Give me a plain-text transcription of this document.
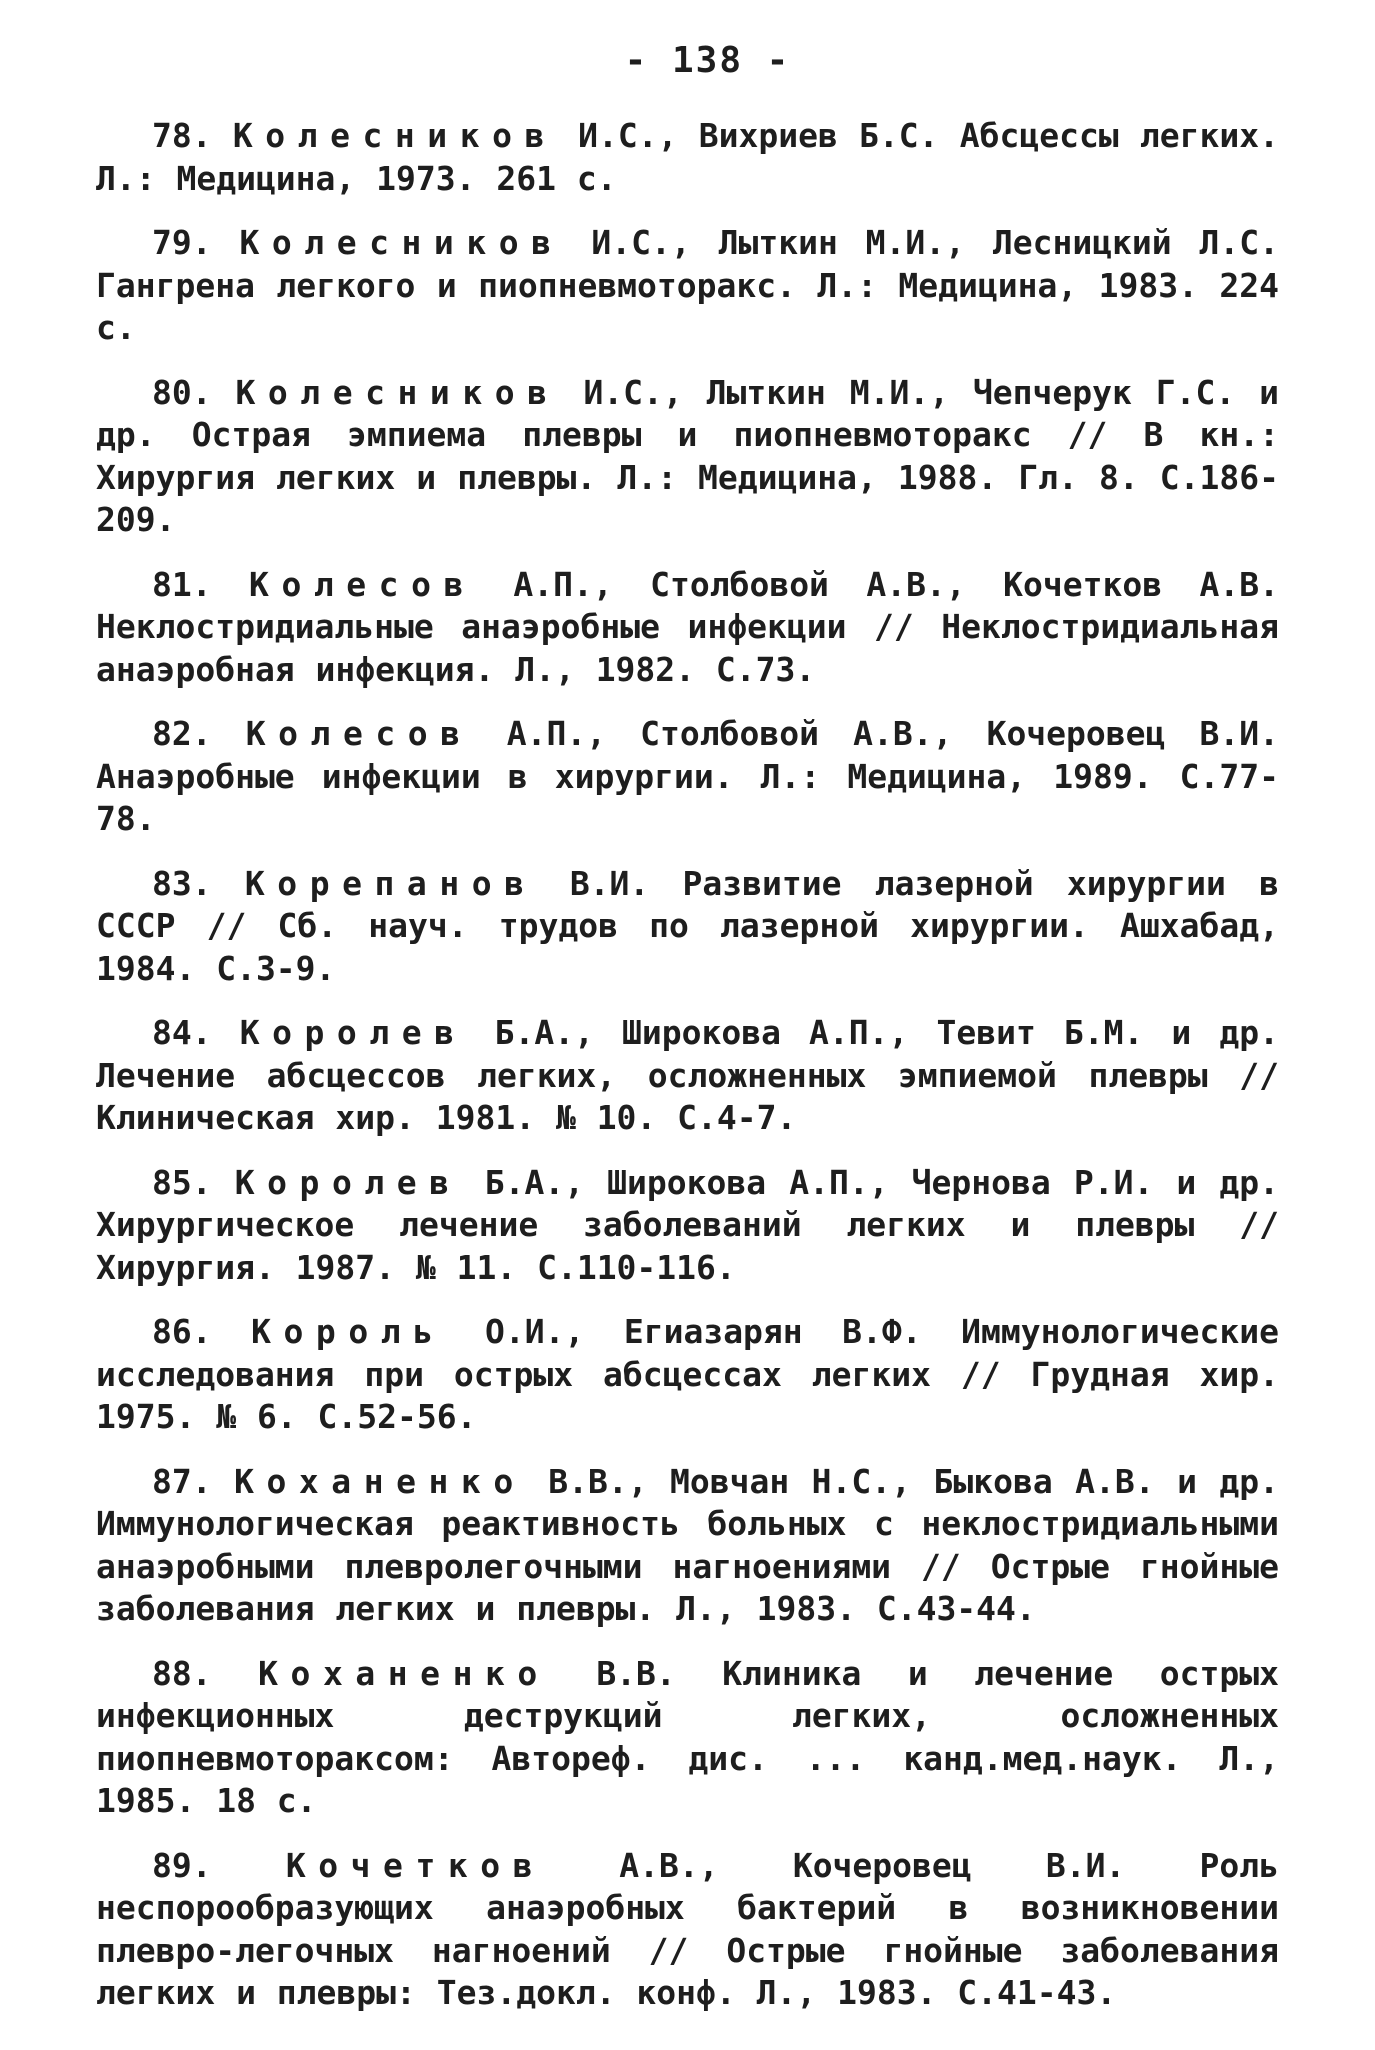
- 138 -
78. Колесников И.С., Вихриев Б.С. Абсцессы легких. Л.: Медицина, 1973. 261 с.
79. Колесников И.С., Лыткин М.И., Лесницкий Л.С. Гангрена легкого и пиопневмоторакс. Л.: Медицина, 1983. 224 с.
80. Колесников И.С., Лыткин М.И., Чепчерук Г.С. и др. Острая эмпиема плевры и пиопневмоторакс // В кн.: Хирургия легких и плевры. Л.: Медицина, 1988. Гл. 8. С.186-209.
81. Колесов А.П., Столбовой А.В., Кочетков А.В. Неклостридиальные анаэробные инфекции // Неклостридиальная анаэробная инфекция. Л., 1982. С.73.
82. Колесов А.П., Столбовой А.В., Кочеровец В.И. Анаэробные инфекции в хирургии. Л.: Медицина, 1989. С.77-78.
83. Корепанов В.И. Развитие лазерной хирургии в СССР // Сб. науч. трудов по лазерной хирургии. Ашхабад, 1984. С.3-9.
84. Королев Б.А., Широкова А.П., Тевит Б.М. и др. Лечение абсцессов легких, осложненных эмпиемой плевры // Клиническая хир. 1981. № 10. С.4-7.
85. Королев Б.А., Широкова А.П., Чернова Р.И. и др. Хирургическое лечение заболеваний легких и плевры // Хирургия. 1987. № 11. С.110-116.
86. Король О.И., Егиазарян В.Ф. Иммунологические исследования при острых абсцессах легких // Грудная хир. 1975. № 6. С.52-56.
87. Коханенко В.В., Мовчан Н.С., Быкова А.В. и др. Иммунологическая реактивность больных с неклостридиальными анаэробными плевролегочными нагноениями // Острые гнойные заболевания легких и плевры. Л., 1983. С.43-44.
88. Коханенко В.В. Клиника и лечение острых инфекционных деструкций легких, осложненных пиопневмотораксом: Автореф. дис. ... канд.мед.наук. Л., 1985. 18 с.
89. Кочетков А.В., Кочеровец В.И. Роль неспорообразующих анаэробных бактерий в возникновении плевро-легочных нагноений // Острые гнойные заболевания легких и плевры: Тез.докл. конф. Л., 1983. С.41-43.
